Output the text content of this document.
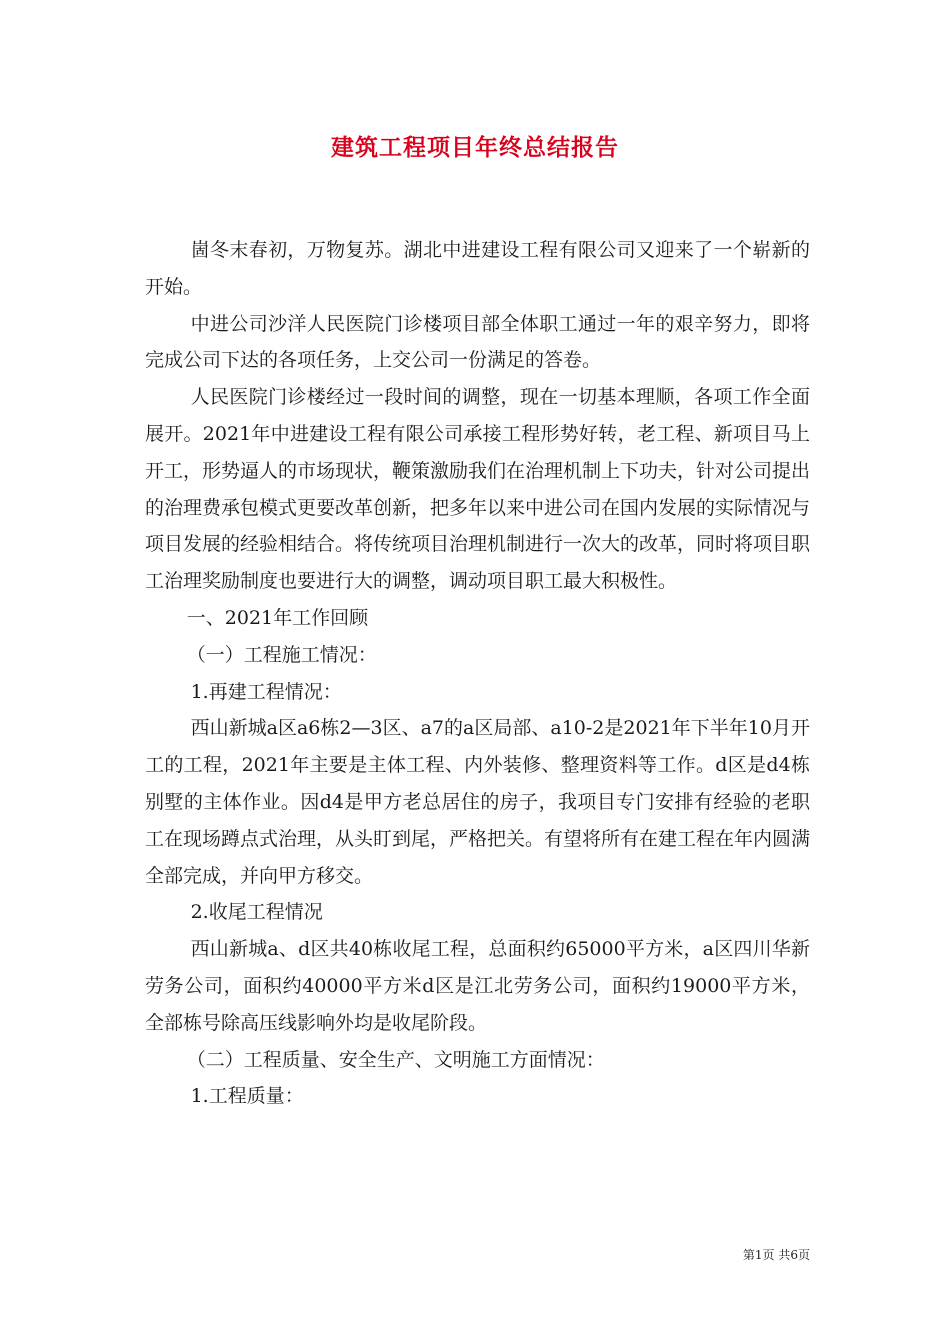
建筑工程项目年终总结报告

崮冬末春初，万物复苏。湖北中进建设工程有限公司又迎来了一个崭新的开始。

中进公司沙洋人民医院门诊楼项目部全体职工通过一年的艰辛努力，即将完成公司下达的各项任务，上交公司一份满足的答卷。

人民医院门诊楼经过一段时间的调整，现在一切基本理顺，各项工作全面展开。2021年中进建设工程有限公司承接工程形势好转，老工程、新项目马上开工，形势逼人的市场现状，鞭策激励我们在治理机制上下功夫，针对公司提出的治理费承包模式更要改革创新，把多年以来中进公司在国内发展的实际情况与项目发展的经验相结合。将传统项目治理机制进行一次大的改革，同时将项目职工治理奖励制度也要进行大的调整，调动项目职工最大积极性。

一、2021年工作回顾

（一）工程施工情况：

1.再建工程情况：

西山新城a区a6栋2—3区、a7的a区局部、a10-2是2021年下半年10月开工的工程，2021年主要是主体工程、内外装修、整理资料等工作。d区是d4栋别墅的主体作业。因d4是甲方老总居住的房子，我项目专门安排有经验的老职工在现场蹲点式治理，从头盯到尾，严格把关。有望将所有在建工程在年内圆满全部完成，并向甲方移交。

2.收尾工程情况

西山新城a、d区共40栋收尾工程，总面积约65000平方米，a区四川华新劳务公司，面积约40000平方米d区是江北劳务公司，面积约19000平方米，全部栋号除高压线影响外均是收尾阶段。

（二）工程质量、安全生产、文明施工方面情况：

1.工程质量：

第1页 共6页
